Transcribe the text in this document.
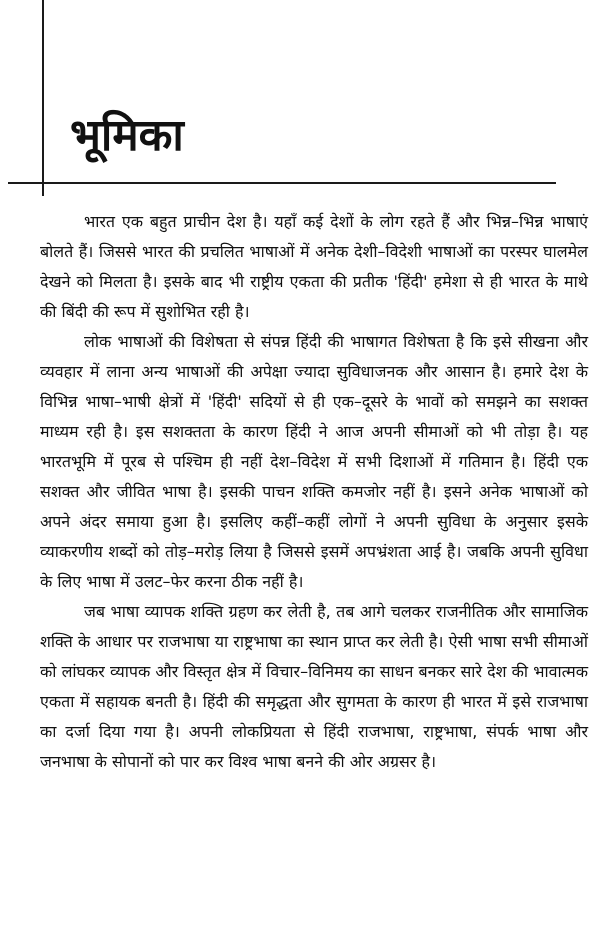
भूमिका

भारत एक बहुत प्राचीन देश है। यहाँ कई देशों के लोग रहते हैं और भिन्न–भिन्न भाषाएं बोलते हैं। जिससे भारत की प्रचलित भाषाओं में अनेक देशी–विदेशी भाषाओं का परस्पर घालमेल देखने को मिलता है। इसके बाद भी राष्ट्रीय एकता की प्रतीक 'हिंदी' हमेशा से ही भारत के माथे की बिंदी की रूप में सुशोभित रही है।

लोक भाषाओं की विशेषता से संपन्न हिंदी की भाषागत विशेषता है कि इसे सीखना और व्यवहार में लाना अन्य भाषाओं की अपेक्षा ज्यादा सुविधाजनक और आसान है। हमारे देश के विभिन्न भाषा–भाषी क्षेत्रों में 'हिंदी' सदियों से ही एक–दूसरे के भावों को समझने का सशक्त माध्यम रही है। इस सशक्तता के कारण हिंदी ने आज अपनी सीमाओं को भी तोड़ा है। यह भारतभूमि में पूरब से पश्चिम ही नहीं देश–विदेश में सभी दिशाओं में गतिमान है। हिंदी एक सशक्त और जीवित भाषा है। इसकी पाचन शक्ति कमजोर नहीं है। इसने अनेक भाषाओं को अपने अंदर समाया हुआ है। इसलिए कहीं–कहीं लोगों ने अपनी सुविधा के अनुसार इसके व्याकरणीय शब्दों को तोड़–मरोड़ लिया है जिससे इसमें अपभ्रंशता आई है। जबकि अपनी सुविधा के लिए भाषा में उलट–फेर करना ठीक नहीं है।

जब भाषा व्यापक शक्ति ग्रहण कर लेती है, तब आगे चलकर राजनीतिक और सामाजिक शक्ति के आधार पर राजभाषा या राष्ट्रभाषा का स्थान प्राप्त कर लेती है। ऐसी भाषा सभी सीमाओं को लांघकर व्यापक और विस्तृत क्षेत्र में विचार–विनिमय का साधन बनकर सारे देश की भावात्मक एकता में सहायक बनती है। हिंदी की समृद्धता और सुगमता के कारण ही भारत में इसे राजभाषा का दर्जा दिया गया है। अपनी लोकप्रियता से हिंदी राजभाषा, राष्ट्रभाषा, संपर्क भाषा और जनभाषा के सोपानों को पार कर विश्व भाषा बनने की ओर अग्रसर है।
